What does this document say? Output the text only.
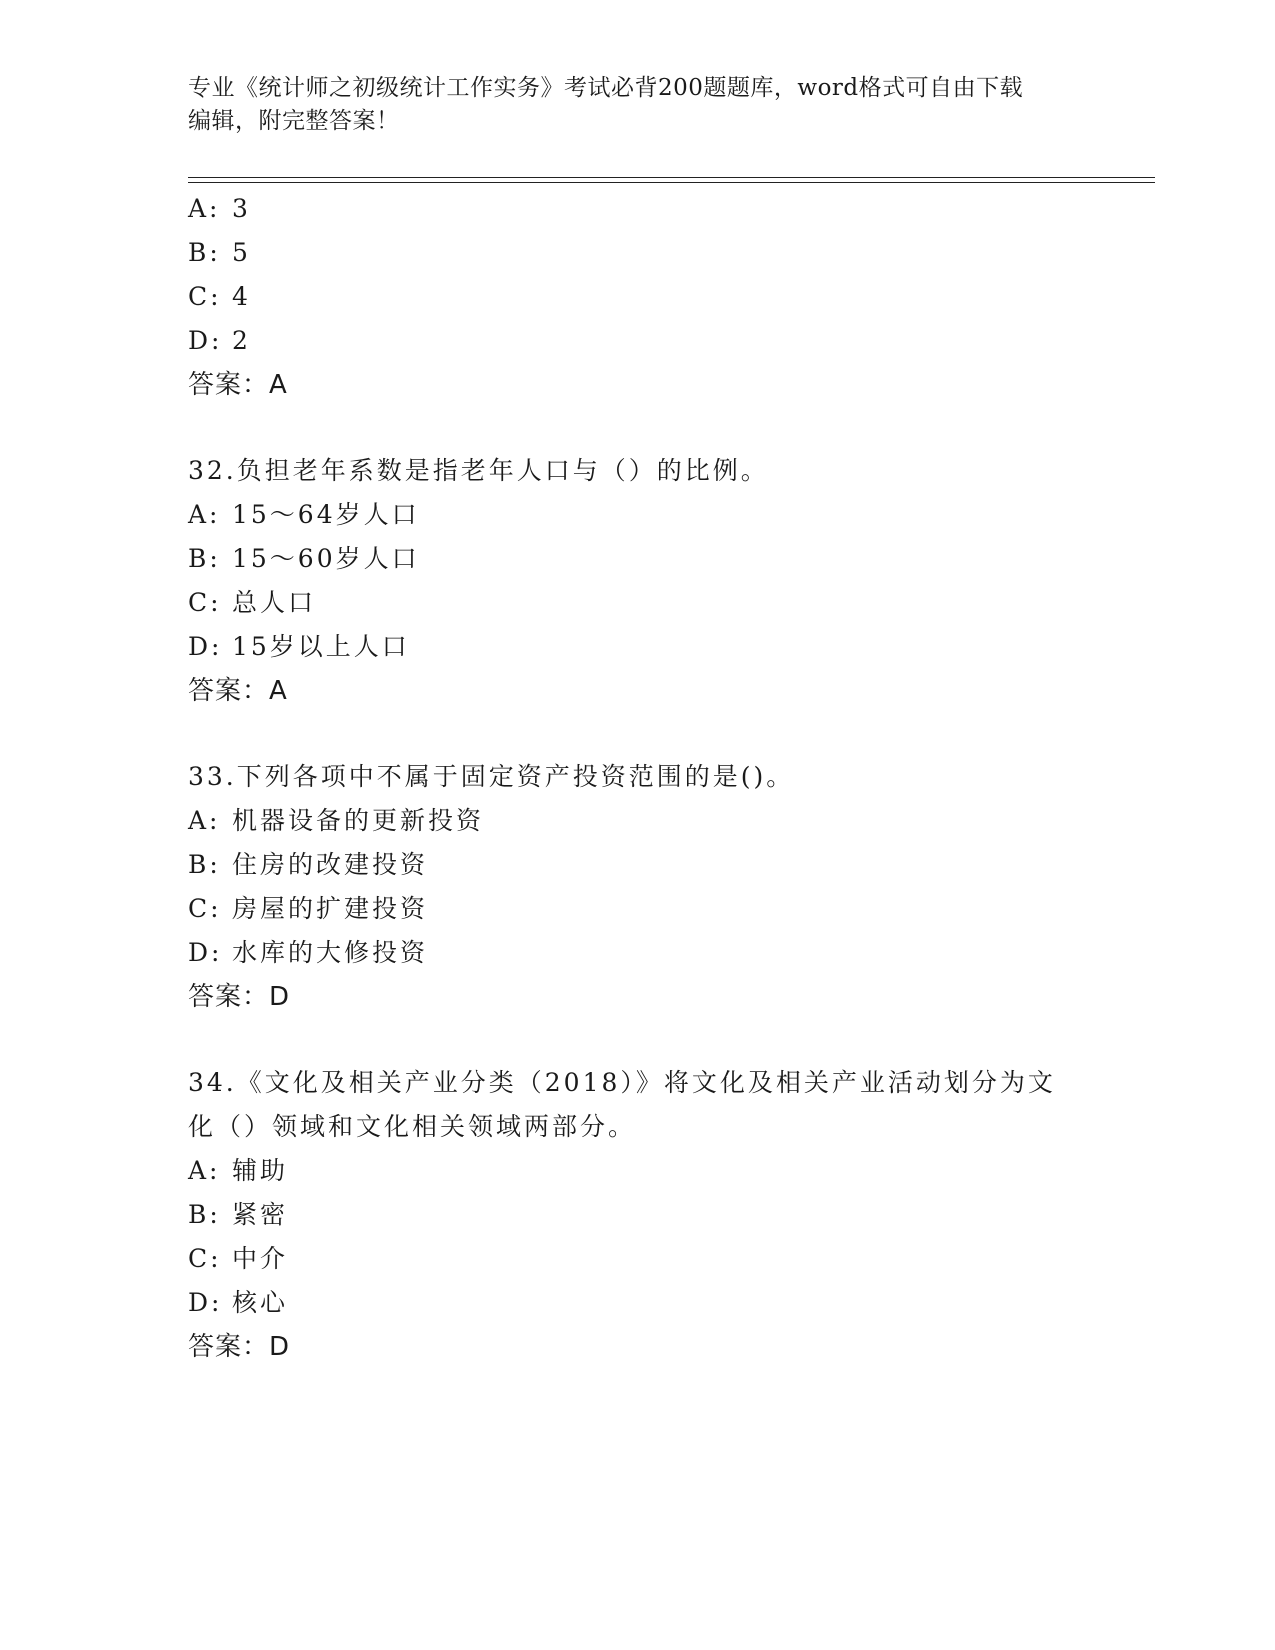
专业《统计师之初级统计工作实务》考试必背200题题库，word格式可自由下载
编辑，附完整答案！
A: 3
B: 5
C: 4
D: 2
答案：A
32.负担老年系数是指老年人口与（）的比例。
A: 15～64岁人口
B: 15～60岁人口
C: 总人口
D: 15岁以上人口
答案：A
33.下列各项中不属于固定资产投资范围的是()。
A: 机器设备的更新投资
B: 住房的改建投资
C: 房屋的扩建投资
D: 水库的大修投资
答案：D
34.《文化及相关产业分类（2018）》将文化及相关产业活动划分为文
化（）领域和文化相关领域两部分。
A: 辅助
B: 紧密
C: 中介
D: 核心
答案：D
